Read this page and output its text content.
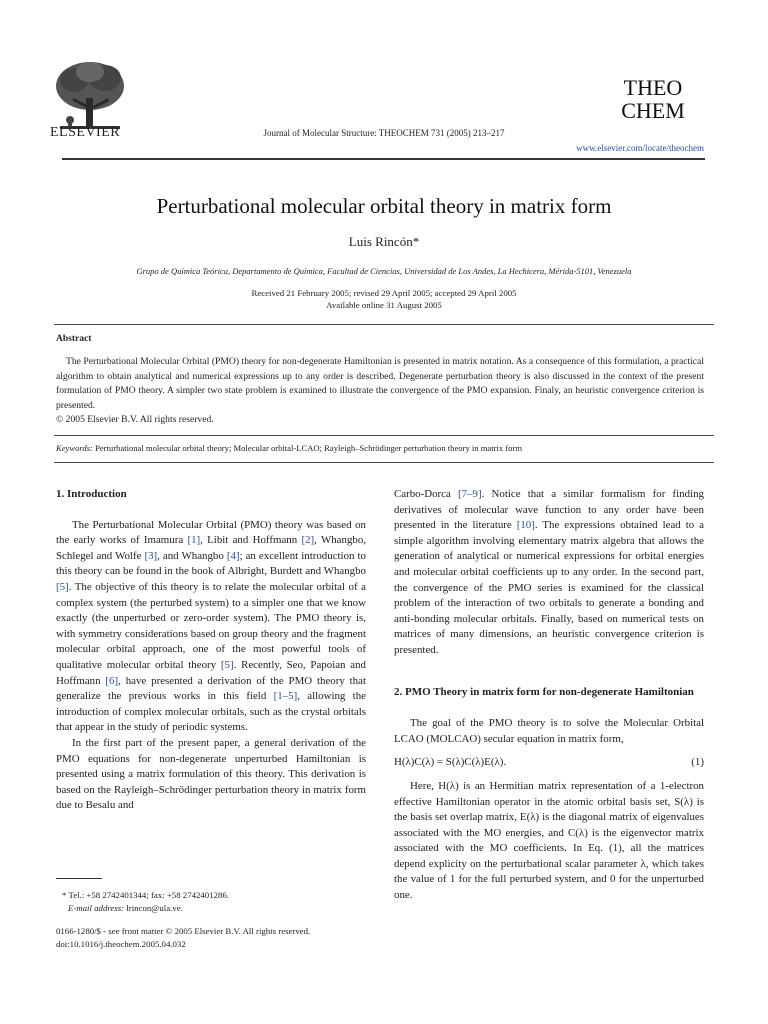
ELSEVIER	Journal of Molecular Structure: THEOCHEM 731 (2005) 213–217
THEO
CHEM
www.elsevier.com/locate/theochem
Perturbational molecular orbital theory in matrix form
Luis Rincón*
Grupo de Química Teórica, Departamento de Química, Facultad de Ciencias, Universidad de Los Andes, La Hechicera, Mérida-5101, Venezuela
Received 21 February 2005; revised 29 April 2005; accepted 29 April 2005
Available online 31 August 2005
Abstract

The Perturbational Molecular Orbital (PMO) theory for non-degenerate Hamiltonian is presented in matrix notation. As a consequence of this formulation, a practical algorithm to obtain analytical and numerical expressions up to any order is described. Degenerate perturbation theory is also discussed in the context of the present formulation of PMO theory. A simpler two state problem is examined to illustrate the convergence of the PMO expansion. Finaly, an heuristic convergence criterion is presented.

© 2005 Elsevier B.V. All rights reserved.

Keywords: Perturbational molecular orbital theory; Molecular orbital-LCAO; Rayleigh–Schrödinger perturbation theory in matrix form

1. Introduction

The Perturbational Molecular Orbital (PMO) theory was based on the early works of Imamura [1], Libit and Hoffmann [2], Whangbo, Schlegel and Wolfe [3], and Whangbo [4]; an excellent introduction to this theory can be found in the book of Albright, Burdett and Whangbo [5]. The objective of this theory is to relate the molecular orbital of a complex system (the perturbed system) to a simpler one that we know exactly (the unperturbed or zero-order system). The PMO theory is, with symmetry considerations based on group theory and the fragment molecular orbital approach, one of the most powerful tools of qualitative molecular orbital theory [5]. Recently, Seo, Papoian and Hoffmann [6], have presented a derivation of the PMO theory that generalize the previous works in this field [1–5], allowing the introduction of complex molecular orbitals, such as the crystal orbitals that appear in the study of periodic systems.

In the first part of the present paper, a general derivation of the PMO equations for non-degenerate unperturbed Hamiltonian is presented using a matrix formulation of this theory. This derivation is based on the Rayleigh–Schrödinger perturbation theory in matrix form due to Besalu and

* Tel.: +58 2742401344; fax: +58 2742401286.
E-mail address: lrincon@ula.ve.
0166-1280/$ - see front matter © 2005 Elsevier B.V. All rights reserved.
doi:10.1016/j.theochem.2005.04.032

Carbo-Dorca [7–9]. Notice that a similar formalism for finding derivatives of molecular wave function to any order have been presented in the literature [10]. The expressions obtained lead to a simple algorithm involving elementary matrix algebra that allows the generation of analytical or numerical expressions for orbital energies and molecular orbital coefficients up to any order. In the second part, the convergence of the PMO series is examined for the classical problem of the interaction of two orbitals to generate a bonding and anti-bonding molecular orbitals. Finally, based on numerical tests on matrices of many dimensions, an heuristic convergence criterion is presented.

2. PMO Theory in matrix form for non-degenerate Hamiltonian

The goal of the PMO theory is to solve the Molecular Orbital LCAO (MOLCAO) secular equation in matrix form,

H(λ)C(λ) = S(λ)C(λ)E(λ).	(1)

Here, H(λ) is an Hermitian matrix representation of a 1-electron effective Hamiltonian operator in the atomic orbital basis set, S(λ) is the basis set overlap matrix, E(λ) is the diagonal matrix of eigenvalues associated with the MO energies, and C(λ) is the eigenvector matrix associated with the MO coefficients. In Eq. (1), all the matrices depend explicity on the perturbational scalar parameter λ, which takes the value of 1 for the full perturbed system, and 0 for the unperturbed one.
